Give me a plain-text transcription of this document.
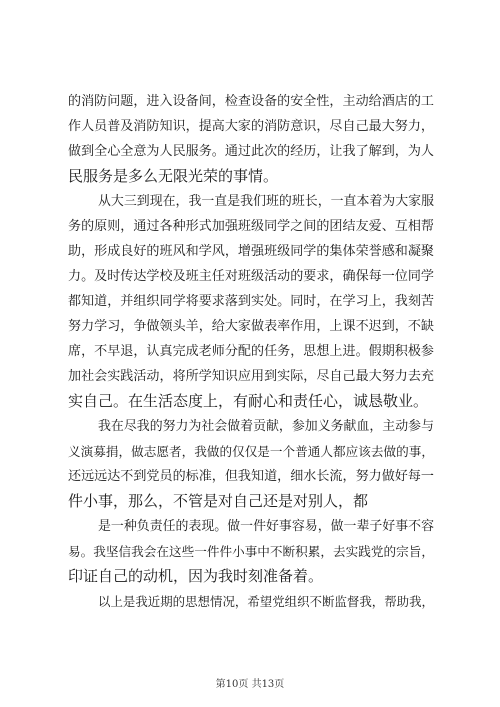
的消防问题，进入设备间，检查设备的安全性，主动给酒店的工
作人员普及消防知识，提高大家的消防意识，尽自己最大努力，
做到全心全意为人民服务。通过此次的经历，让我了解到，为人
民服务是多么无限光荣的事情。
从大三到现在，我一直是我们班的班长，一直本着为大家服
务的原则，通过各种形式加强班级同学之间的团结友爱、互相帮
助，形成良好的班风和学风，增强班级同学的集体荣誉感和凝聚
力。及时传达学校及班主任对班级活动的要求，确保每一位同学
都知道，并组织同学将要求落到实处。同时，在学习上，我刻苦
努力学习，争做领头羊，给大家做表率作用，上课不迟到，不缺
席，不早退，认真完成老师分配的任务，思想上进。假期积极参
加社会实践活动，将所学知识应用到实际，尽自己最大努力去充
实自己。在生活态度上，有耐心和责任心，诚恳敬业。
我在尽我的努力为社会做着贡献，参加义务献血，主动参与
义演募捐，做志愿者，我做的仅仅是一个普通人都应该去做的事，
还远远达不到党员的标准，但我知道，细水长流，努力做好每一
件小事，那么，不管是对自己还是对别人，都
是一种负责任的表现。做一件好事容易，做一辈子好事不容
易。我坚信我会在这些一件件小事中不断积累，去实践党的宗旨，
印证自己的动机，因为我时刻准备着。
以上是我近期的思想情况，希望党组织不断监督我，帮助我，
第10页 共13页
